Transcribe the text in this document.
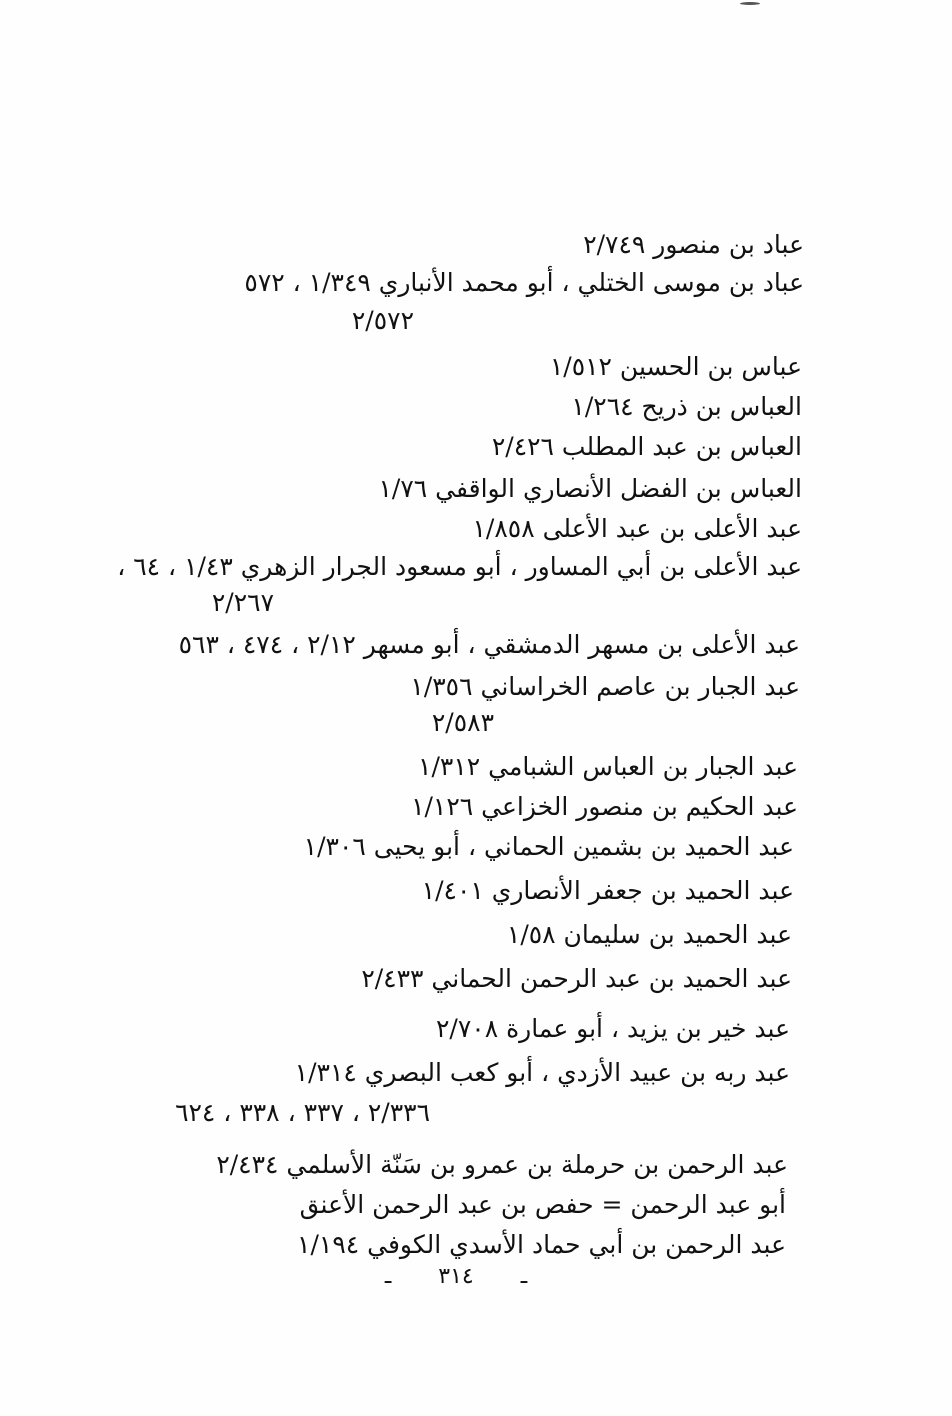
عباد بن منصور ٢/٧٤٩
عباد بن موسى الختلي ، أبو محمد الأنباري ١/٣٤٩ ، ٥٧٢
٢/٥٧٢
عباس بن الحسين ١/٥١٢
العباس بن ذريح ١/٢٦٤
العباس بن عبد المطلب ٢/٤٢٦
العباس بن الفضل الأنصاري الواقفي ١/٧٦
عبد الأعلى بن عبد الأعلى ١/٨٥٨
عبد الأعلى بن أبي المساور ، أبو مسعود الجرار الزهري ١/٤٣ ، ٦٤ ،
٢/٢٦٧
عبد الأعلى بن مسهر الدمشقي ، أبو مسهر ٢/١٢ ، ٤٧٤ ، ٥٦٣
عبد الجبار بن عاصم الخراساني ١/٣٥٦
٢/٥٨٣
عبد الجبار بن العباس الشبامي ١/٣١٢
عبد الحكيم بن منصور الخزاعي ١/١٢٦
عبد الحميد بن بشمين الحماني ، أبو يحيى ١/٣٠٦
عبد الحميد بن جعفر الأنصاري ١/٤٠١
عبد الحميد بن سليمان ١/٥٨
عبد الحميد بن عبد الرحمن الحماني ٢/٤٣٣
عبد خير بن يزيد ، أبو عمارة ٢/٧٠٨
عبد ربه بن عبيد الأزدي ، أبو كعب البصري ١/٣١٤
٢/٣٣٦ ، ٣٣٧ ، ٣٣٨ ، ٦٢٤
عبد الرحمن بن حرملة بن عمرو بن سَنّة الأسلمي ٢/٤٣٤
أبو عبد الرحمن = حفص بن عبد الرحمن الأعنق
عبد الرحمن بن أبي حماد الأسدي الكوفي ١/١٩٤
ـ ٣١٤ ـ
